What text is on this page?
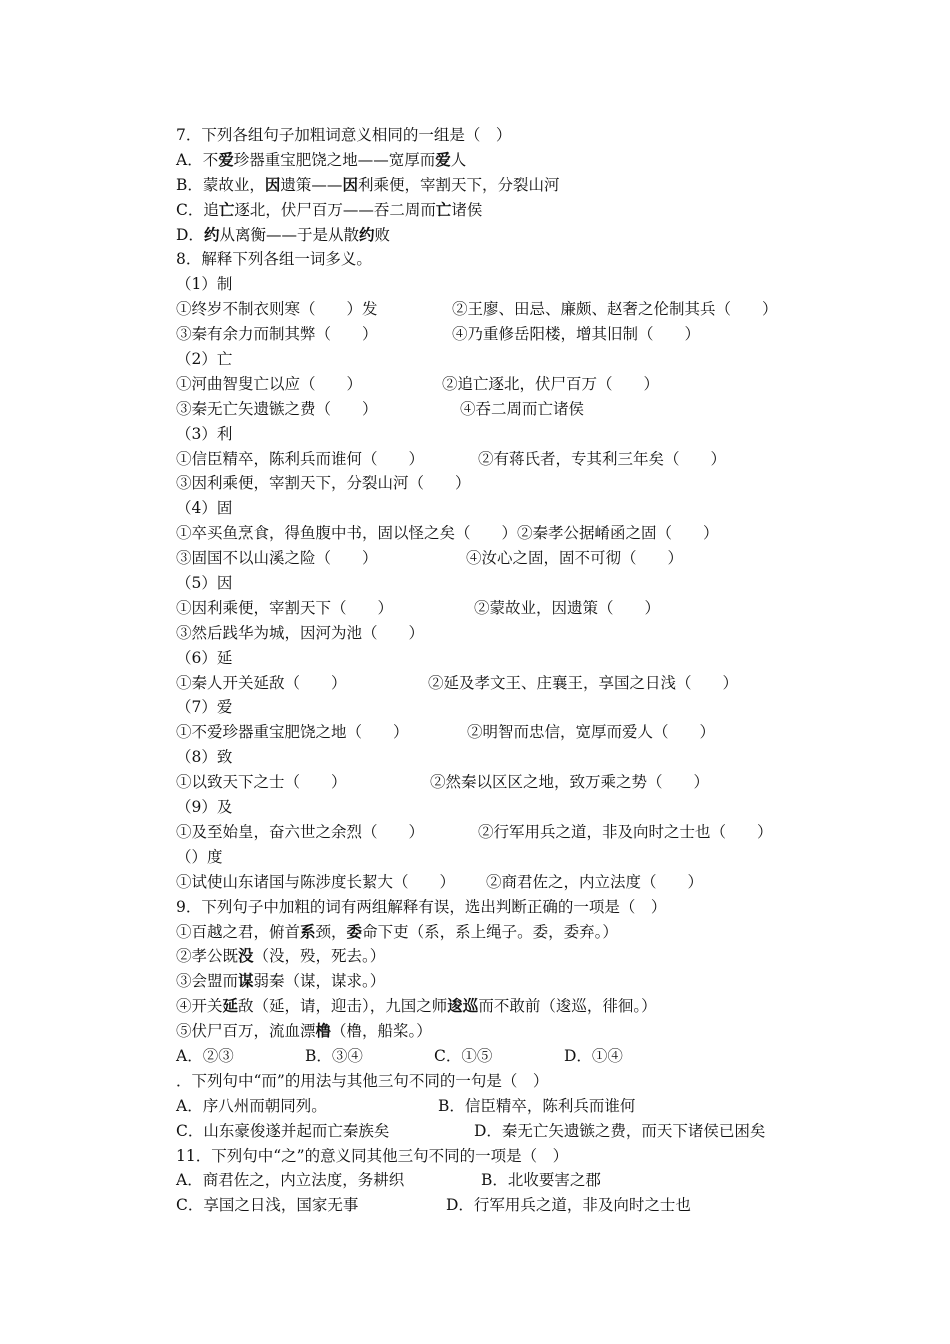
7．下列各组句子加粗词意义相同的一组是（　）
A．不爱珍器重宝肥饶之地——宽厚而爱人
B．蒙故业，因遗策——因利乘便，宰割天下，分裂山河
C．追亡逐北，伏尸百万——吞二周而亡诸侯
D．约从离衡——于是从散约败
8．解释下列各组一词多义。
（1）制
①终岁不制衣则寒（　　）发	②王廖、田忌、廉颇、赵奢之伦制其兵（　　）
③秦有余力而制其弊（　　）	④乃重修岳阳楼，增其旧制（　　）
（2）亡
①河曲智叟亡以应（　　）	②追亡逐北，伏尸百万（　　）
③秦无亡矢遗镞之费（　　）	④吞二周而亡诸侯
（3）利
①信臣精卒，陈利兵而谁何（　　）	②有蒋氏者，专其利三年矣（　　）
③因利乘便，宰割天下，分裂山河（　　）
（4）固
①卒买鱼烹食，得鱼腹中书，固以怪之矣（　　）②秦孝公据崤函之固（　　）
③固国不以山溪之险（　　）	④汝心之固，固不可彻（　　）
（5）因
①因利乘便，宰割天下（　　）	②蒙故业，因遗策（　　）
③然后践华为城，因河为池（　　）
（6）延
①秦人开关延敌（　　）	②延及孝文王、庄襄王，享国之日浅（　　）
（7）爱
①不爱珍器重宝肥饶之地（　　）	②明智而忠信，宽厚而爱人（　　）
（8）致
①以致天下之士（　　）	②然秦以区区之地，致万乘之势（　　）
（9）及
①及至始皇，奋六世之余烈（　　）	②行军用兵之道，非及向时之士也（　　）
（）度
①试使山东诸国与陈涉度长絜大（　　） ②商君佐之，内立法度（　　）
9．下列句子中加粗的词有两组解释有误，选出判断正确的一项是（　）
①百越之君，俯首系颈，委命下吏（系，系上绳子。委，委弃。）
②孝公既没（没，殁，死去。）
③会盟而谋弱秦（谋，谋求。）
④开关延敌（延，请，迎击），九国之师逡巡而不敢前（逡巡，徘徊。）
⑤伏尸百万，流血漂橹（橹，船桨。）
A．②③	B．③④	C．①⑤	D．①④
．下列句中“而”的用法与其他三句不同的一句是（　）
A．序八州而朝同列。	B．信臣精卒，陈利兵而谁何
C．山东豪俊遂并起而亡秦族矣	D．秦无亡矢遗镞之费，而天下诸侯已困矣
11．下列句中“之”的意义同其他三句不同的一项是（　）
A．商君佐之，内立法度，务耕织	B．北收要害之郡
C．享国之日浅，国家无事	D．行军用兵之道，非及向时之士也
